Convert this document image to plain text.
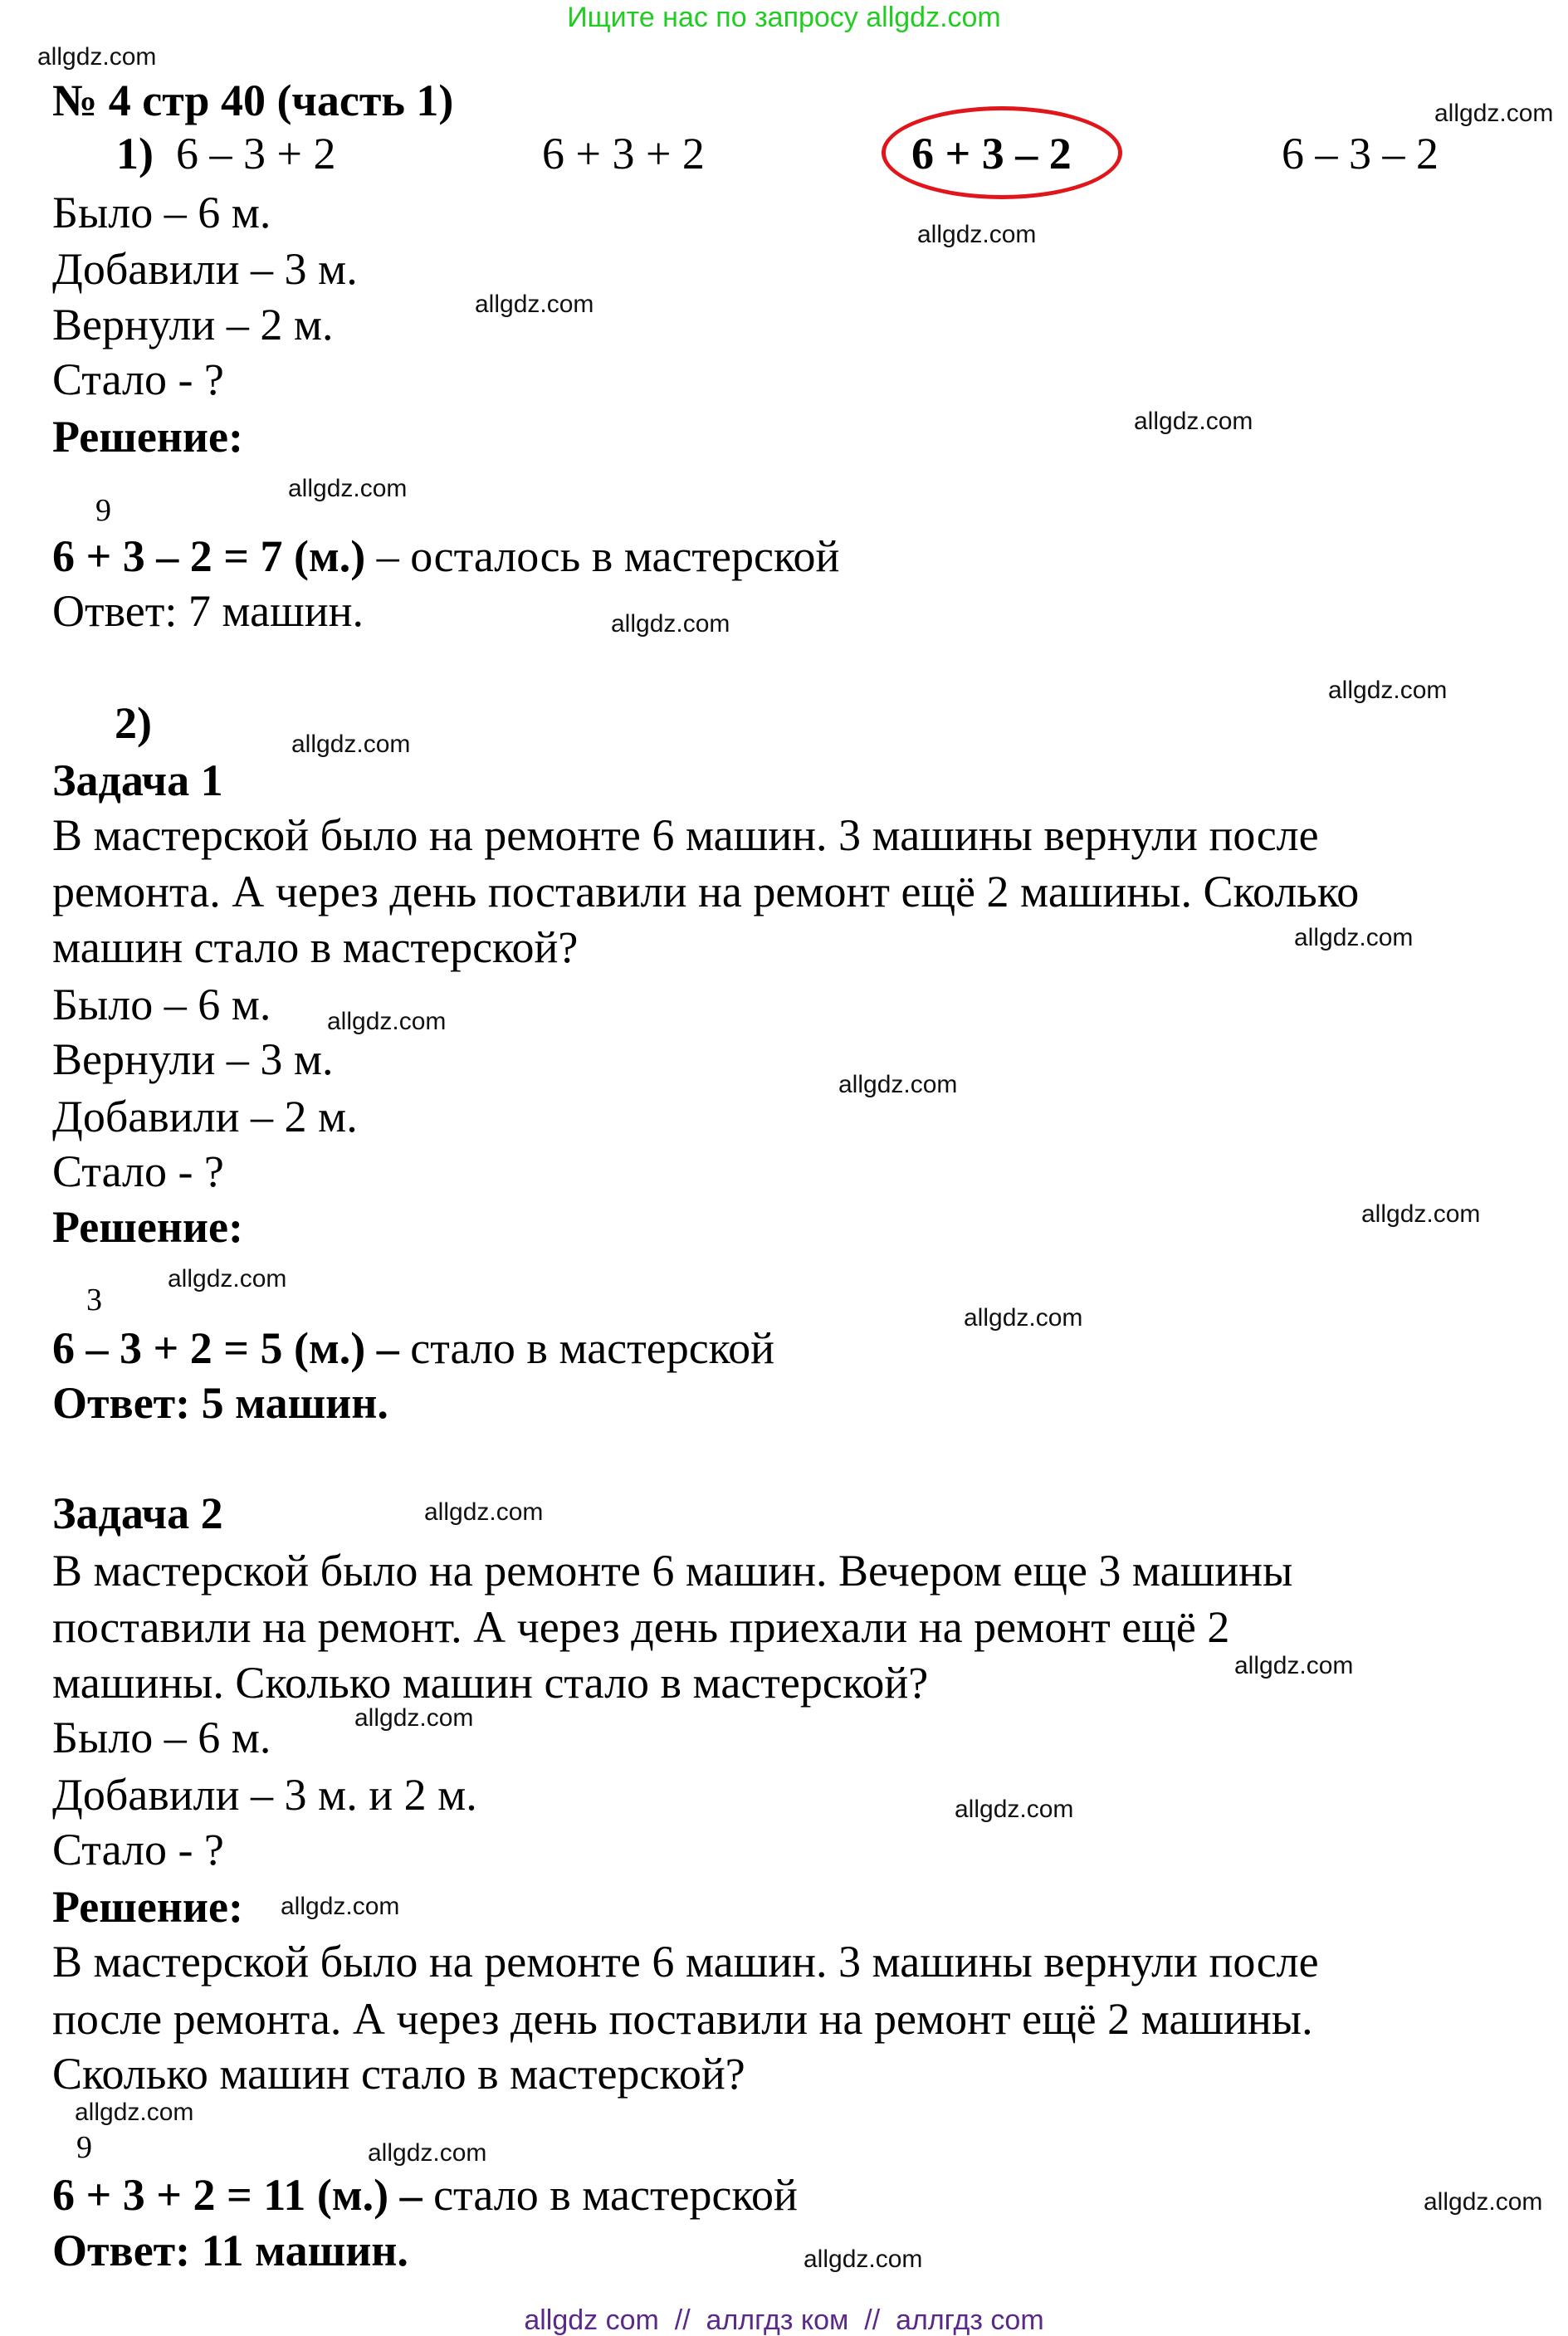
Ищите нас по запросу allgdz.com
allgdz.com
allgdz.com
allgdz.com
allgdz.com
allgdz.com
allgdz.com
allgdz.com
allgdz.com
allgdz.com
allgdz.com
allgdz.com
allgdz.com
allgdz.com
allgdz.com
allgdz.com
allgdz.com
allgdz.com
allgdz.com
allgdz.com
allgdz.com
allgdz.com
allgdz.com
allgdz.com
allgdz.com
№ 4 стр 40 (часть 1)
1) 6 – 3 + 2	6 + 3 + 2	6 + 3 – 2	6 – 3 – 2
Было – 6 м.
Добавили – 3 м.
Вернули – 2 м.
Стало - ?
Решение:
9
6 + 3 – 2 = 7 (м.) – осталось в мастерской
Ответ: 7 машин.
2)
Задача 1
В мастерской было на ремонте 6 машин. 3 машины вернули после
ремонта. А через день поставили на ремонт ещё 2 машины. Сколько
машин стало в мастерской?
Было – 6 м.
Вернули – 3 м.
Добавили – 2 м.
Стало - ?
Решение:
3
6 – 3 + 2 = 5 (м.) – стало в мастерской
Ответ: 5 машин.
Задача 2
В мастерской было на ремонте 6 машин. Вечером еще 3 машины
поставили на ремонт. А через день приехали на ремонт ещё 2
машины. Сколько машин стало в мастерской?
Было – 6 м.
Добавили – 3 м. и 2 м.
Стало - ?
Решение:
В мастерской было на ремонте 6 машин. 3 машины вернули после
после ремонта. А через день поставили на ремонт ещё 2 машины.
Сколько машин стало в мастерской?
9
6 + 3 + 2 = 11 (м.) – стало в мастерской
Ответ: 11 машин.
allgdz com  //  аллгдз ком  //  аллгдз com
